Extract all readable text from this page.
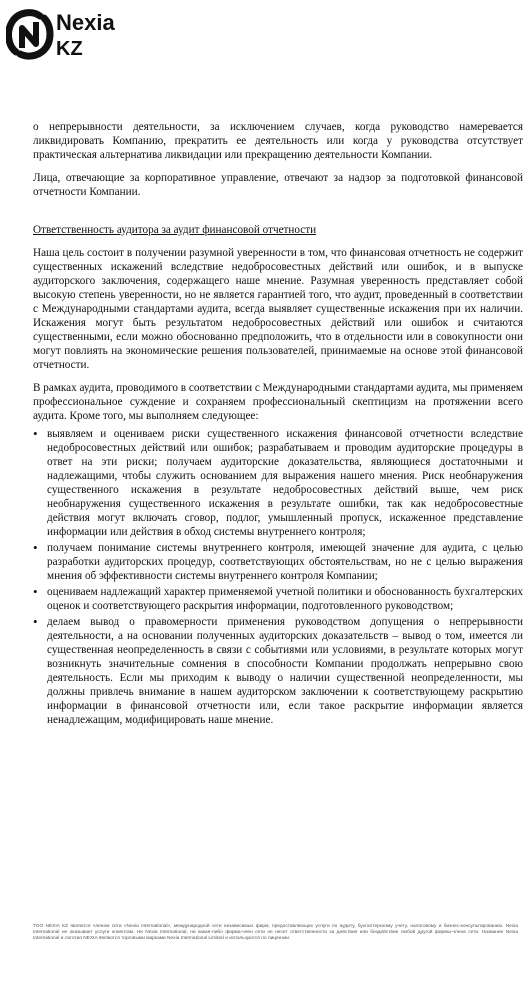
Nexia
KZ

о непрерывности деятельности, за исключением случаев, когда руководство намеревается ликвидировать Компанию, прекратить ее деятельность или когда у руководства отсутствует практическая альтернатива ликвидации или прекращению деятельности Компании.

Лица, отвечающие за корпоративное управление, отвечают за надзор за подготовкой финансовой отчетности Компании.

Ответственность аудитора за аудит финансовой отчетности

Наша цель состоит в получении разумной уверенности в том, что финансовая отчетность не содержит существенных искажений вследствие недобросовестных действий или ошибок, и в выпуске аудиторского заключения, содержащего наше мнение. Разумная уверенность представляет собой высокую степень уверенности, но не является гарантией того, что аудит, проведенный в соответствии с Международными стандартами аудита, всегда выявляет существенные искажения при их наличии. Искажения могут быть результатом недобросовестных действий или ошибок и считаются существенными, если можно обоснованно предположить, что в отдельности или в совокупности они могут повлиять на экономические решения пользователей, принимаемые на основе этой финансовой отчетности.

В рамках аудита, проводимого в соответствии с Международными стандартами аудита, мы применяем профессиональное суждение и сохраняем профессиональный скептицизм на протяжении всего аудита. Кроме того, мы выполняем следующее:

• выявляем и оцениваем риски существенного искажения финансовой отчетности вследствие недобросовестных действий или ошибок; разрабатываем и проводим аудиторские процедуры в ответ на эти риски; получаем аудиторские доказательства, являющиеся достаточными и надлежащими, чтобы служить основанием для выражения нашего мнения. Риск необнаружения существенного искажения в результате недобросовестных действий выше, чем риск необнаружения существенного искажения в результате ошибки, так как недобросовестные действия могут включать сговор, подлог, умышленный пропуск, искаженное представление информации или действия в обход системы внутреннего контроля;
• получаем понимание системы внутреннего контроля, имеющей значение для аудита, с целью разработки аудиторских процедур, соответствующих обстоятельствам, но не с целью выражения мнения об эффективности системы внутреннего контроля Компании;
• оцениваем надлежащий характер применяемой учетной политики и обоснованность бухгалтерских оценок и соответствующего раскрытия информации, подготовленного руководством;
• делаем вывод о правомерности применения руководством допущения о непрерывности деятельности, а на основании полученных аудиторских доказательств – вывод о том, имеется ли существенная неопределенность в связи с событиями или условиями, в результате которых могут возникнуть значительные сомнения в способности Компании продолжать непрерывно свою деятельность. Если мы приходим к выводу о наличии существенной неопределенности, мы должны привлечь внимание в нашем аудиторском заключении к соответствующему раскрытию информации в финансовой отчетности или, если такое раскрытие информации является ненадлежащим, модифицировать наше мнение.
ТОО NEXIA KZ является членом сети «Nexia International», международной сети независимых фирм, предоставляющих услуги по аудиту, бухгалтерскому учету, налоговому и бизнес-консультированию. Nexia International не оказывает услуги клиентам. Ни Nexia International, ни какая-либо фирма-член сети не несет ответственности за действия или бездействие любой другой фирмы-члена сети. Название Nexia International и логотип NEXIA являются торговыми марками Nexia International Limited и используются по лицензии.
